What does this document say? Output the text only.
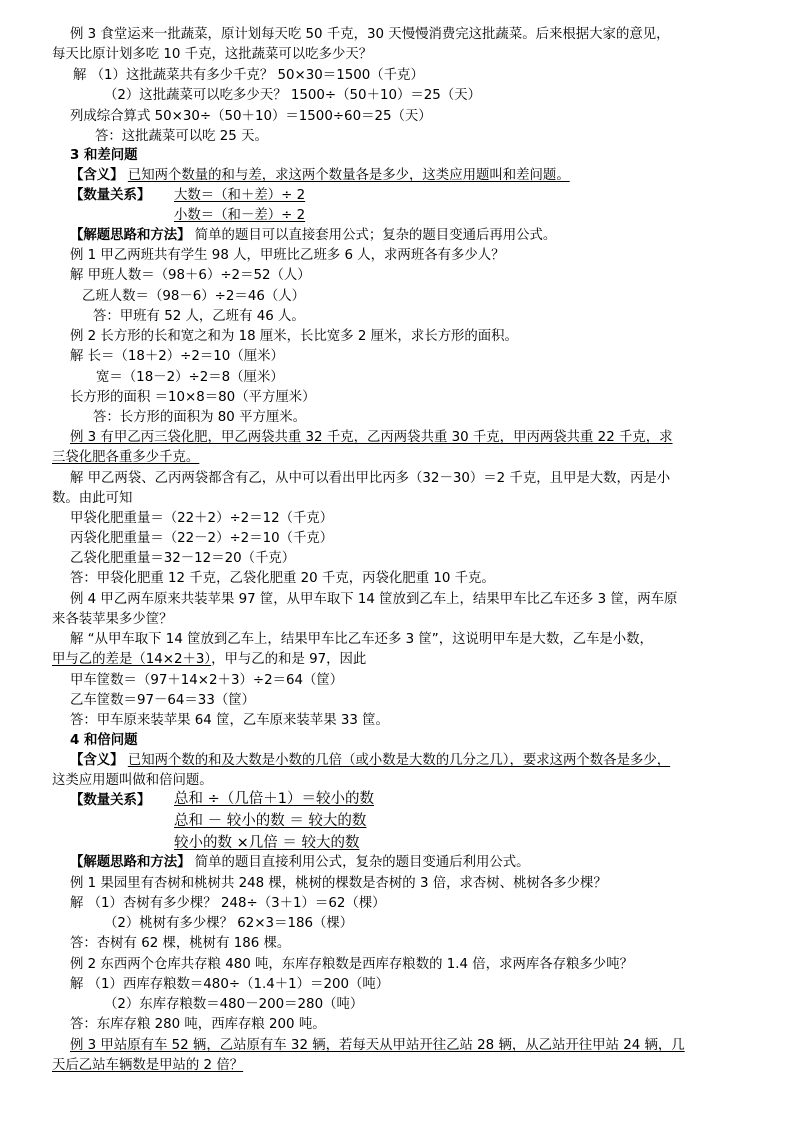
例 3 食堂运来一批蔬菜，原计划每天吃 50 千克，30 天慢慢消费完这批蔬菜。后来根据大家的意见，
每天比原计划多吃 10 千克，这批蔬菜可以吃多少天？
解 （1）这批蔬菜共有多少千克？ 50×30＝1500（千克）
（2）这批蔬菜可以吃多少天？ 1500÷（50＋10）＝25（天）
列成综合算式 50×30÷（50＋10）＝1500÷60＝25（天）
答：这批蔬菜可以吃 25 天。
3 和差问题
【含义】 已知两个数量的和与差，求这两个数量各是多少，这类应用题叫和差问题。
【数量关系】 大数＝（和＋差）÷ 2
小数＝（和－差）÷ 2
【解题思路和方法】 简单的题目可以直接套用公式；复杂的题目变通后再用公式。
例 1 甲乙两班共有学生 98 人，甲班比乙班多 6 人，求两班各有多少人？
解 甲班人数＝（98＋6）÷2＝52（人）
乙班人数＝（98－6）÷2＝46（人）
答：甲班有 52 人，乙班有 46 人。
例 2 长方形的长和宽之和为 18 厘米，长比宽多 2 厘米，求长方形的面积。
解 长＝（18＋2）÷2＝10（厘米）
宽＝（18－2）÷2＝8（厘米）
长方形的面积 ＝10×8＝80（平方厘米）
答：长方形的面积为 80 平方厘米。
例 3 有甲乙丙三袋化肥，甲乙两袋共重 32 千克，乙丙两袋共重 30 千克，甲丙两袋共重 22 千克，求
三袋化肥各重多少千克。
解 甲乙两袋、乙丙两袋都含有乙，从中可以看出甲比丙多（32－30）＝2 千克，且甲是大数，丙是小
数。由此可知
甲袋化肥重量＝（22＋2）÷2＝12（千克）
丙袋化肥重量＝（22－2）÷2＝10（千克）
乙袋化肥重量＝32－12＝20（千克）
答：甲袋化肥重 12 千克，乙袋化肥重 20 千克，丙袋化肥重 10 千克。
例 4 甲乙两车原来共装苹果 97 筐，从甲车取下 14 筐放到乙车上，结果甲车比乙车还多 3 筐，两车原
来各装苹果多少筐？
解 “从甲车取下 14 筐放到乙车上，结果甲车比乙车还多 3 筐”，这说明甲车是大数，乙车是小数，
甲与乙的差是（14×2＋3），甲与乙的和是 97，因此
甲车筐数＝（97＋14×2＋3）÷2＝64（筐）
乙车筐数＝97－64＝33（筐）
答：甲车原来装苹果 64 筐，乙车原来装苹果 33 筐。
4 和倍问题
【含义】 已知两个数的和及大数是小数的几倍（或小数是大数的几分之几），要求这两个数各是多少，
这类应用题叫做和倍问题。
【数量关系】 总和 ÷（几倍＋1）＝较小的数
总和 － 较小的数 ＝ 较大的数
较小的数 ×几倍 ＝ 较大的数
【解题思路和方法】 简单的题目直接利用公式，复杂的题目变通后利用公式。
例 1 果园里有杏树和桃树共 248 棵，桃树的棵数是杏树的 3 倍，求杏树、桃树各多少棵？
解 （1）杏树有多少棵？ 248÷（3＋1）＝62（棵）
（2）桃树有多少棵？ 62×3＝186（棵）
答：杏树有 62 棵，桃树有 186 棵。
例 2 东西两个仓库共存粮 480 吨，东库存粮数是西库存粮数的 1.4 倍，求两库各存粮多少吨？
解 （1）西库存粮数＝480÷（1.4＋1）＝200（吨）
（2）东库存粮数＝480－200＝280（吨）
答：东库存粮 280 吨，西库存粮 200 吨。
例 3 甲站原有车 52 辆，乙站原有车 32 辆，若每天从甲站开往乙站 28 辆，从乙站开往甲站 24 辆，几
天后乙站车辆数是甲站的 2 倍？
